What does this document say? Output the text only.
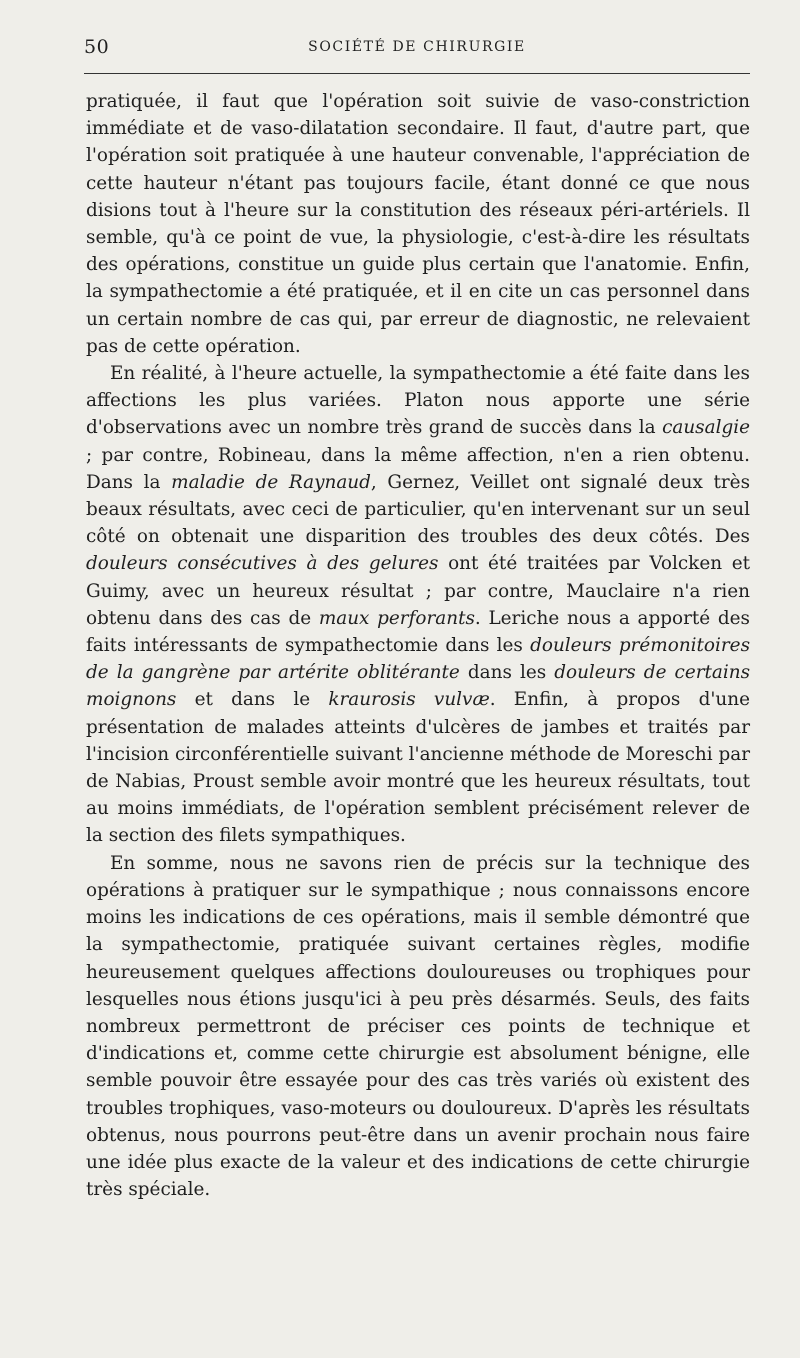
50	SOCIÉTÉ DE CHIRURGIE

pratiquée, il faut que l'opération soit suivie de vaso-constriction immédiate et de vaso-dilatation secondaire. Il faut, d'autre part, que l'opération soit pratiquée à une hauteur convenable, l'appréciation de cette hauteur n'étant pas toujours facile, étant donné ce que nous disions tout à l'heure sur la constitution des réseaux péri-artériels. Il semble, qu'à ce point de vue, la physiologie, c'est-à-dire les résultats des opérations, constitue un guide plus certain que l'anatomie. Enfin, la sympathectomie a été pratiquée, et il en cite un cas personnel dans un certain nombre de cas qui, par erreur de diagnostic, ne relevaient pas de cette opération.

En réalité, à l'heure actuelle, la sympathectomie a été faite dans les affections les plus variées. Platon nous apporte une série d'observations avec un nombre très grand de succès dans la causalgie ; par contre, Robineau, dans la même affection, n'en a rien obtenu. Dans la maladie de Raynaud, Gernez, Veillet ont signalé deux très beaux résultats, avec ceci de particulier, qu'en intervenant sur un seul côté on obtenait une disparition des troubles des deux côtés. Des douleurs consécutives à des gelures ont été traitées par Volcken et Guimy, avec un heureux résultat ; par contre, Mauclaire n'a rien obtenu dans des cas de maux perforants. Leriche nous a apporté des faits intéressants de sympathectomie dans les douleurs prémonitoires de la gangrène par artérite oblitérante dans les douleurs de certains moignons et dans le kraurosis vulvæ. Enfin, à propos d'une présentation de malades atteints d'ulcères de jambes et traités par l'incision circonférentielle suivant l'ancienne méthode de Moreschi par de Nabias, Proust semble avoir montré que les heureux résultats, tout au moins immédiats, de l'opération semblent précisément relever de la section des filets sympathiques.

En somme, nous ne savons rien de précis sur la technique des opérations à pratiquer sur le sympathique ; nous connaissons encore moins les indications de ces opérations, mais il semble démontré que la sympathectomie, pratiquée suivant certaines règles, modifie heureusement quelques affections douloureuses ou trophiques pour lesquelles nous étions jusqu'ici à peu près désarmés. Seuls, des faits nombreux permettront de préciser ces points de technique et d'indications et, comme cette chirurgie est absolument bénigne, elle semble pouvoir être essayée pour des cas très variés où existent des troubles trophiques, vaso-moteurs ou douloureux. D'après les résultats obtenus, nous pourrons peut-être dans un avenir prochain nous faire une idée plus exacte de la valeur et des indications de cette chirurgie très spéciale.
